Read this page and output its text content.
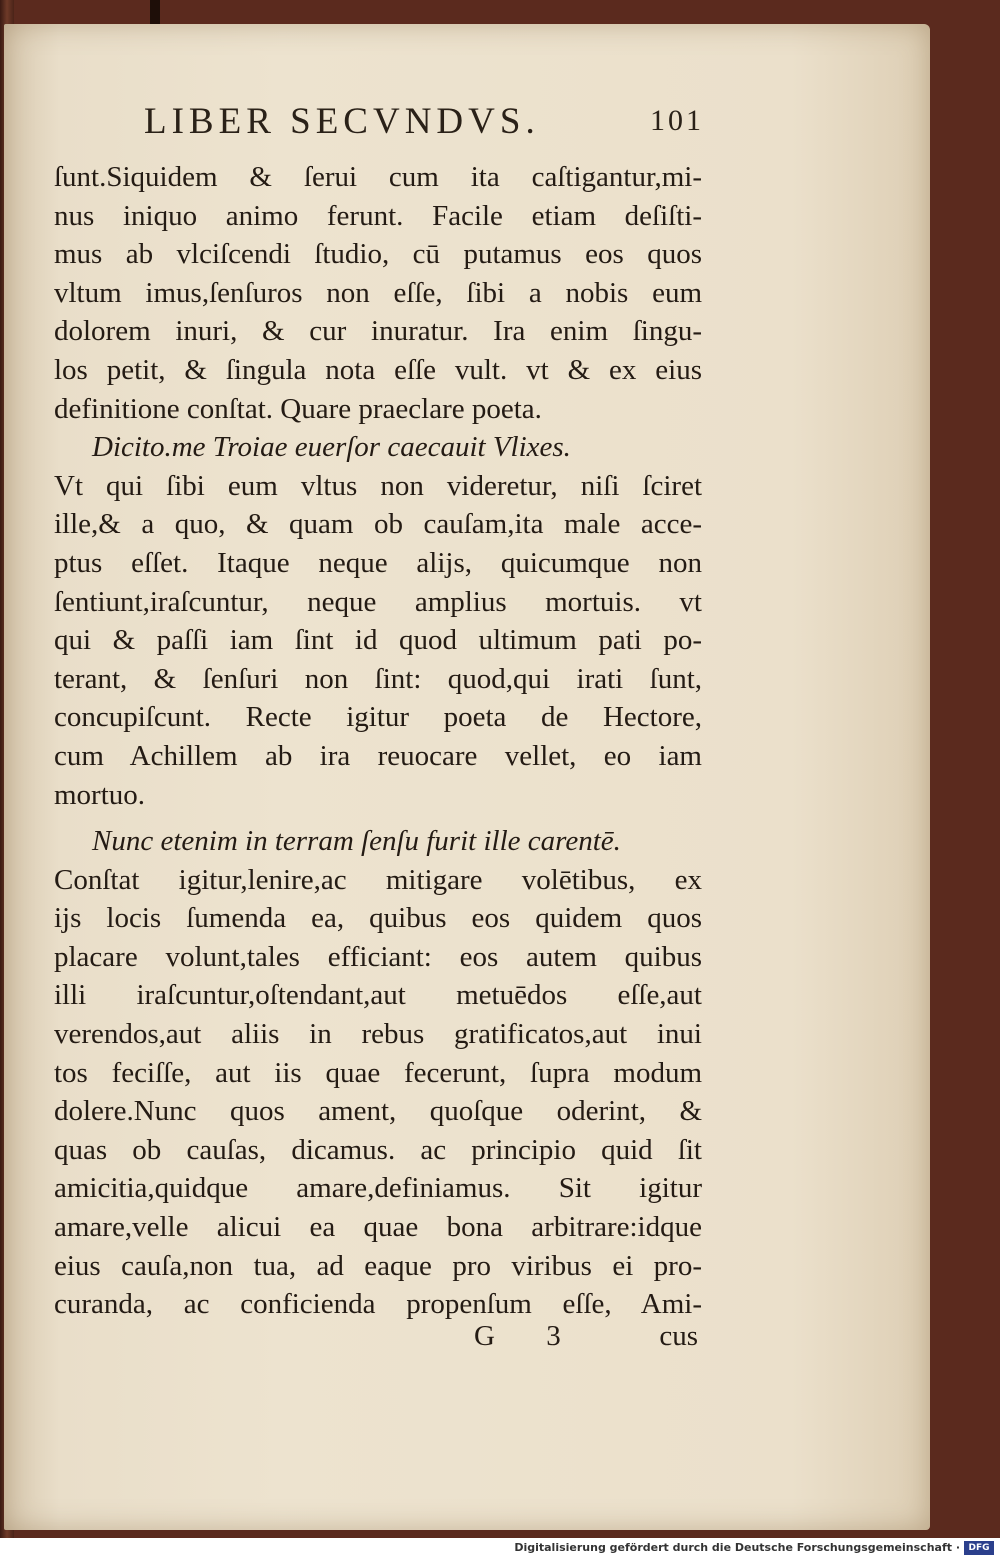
LIBER SECVNDVS.	101
ſunt.Siquidem & ſerui cum ita caſtigantur,mi-
nus iniquo animo ferunt. Facile etiam deſiſti-
mus ab vlciſcendi ſtudio, cū putamus eos quos
vltum imus,ſenſuros non eſſe, ſibi a nobis eum
dolorem inuri, & cur inuratur. Ira enim ſingu-
los petit, & ſingula nota eſſe vult. vt & ex eius
definitione conſtat. Quare praeclare poeta.
Dicito.me Troiae euerſor caecauit Vlixes.
Vt qui ſibi eum vltus non videretur, niſi ſciret
ille,& a quo, & quam ob cauſam,ita male acce-
ptus eſſet. Itaque neque alijs, quicumque non
ſentiunt,iraſcuntur, neque amplius mortuis. vt
qui & paſſi iam ſint id quod ultimum pati po-
terant, & ſenſuri non ſint: quod,qui irati ſunt,
concupiſcunt. Recte igitur poeta de Hectore,
cum Achillem ab ira reuocare vellet, eo iam
mortuo.
Nunc etenim in terram ſenſu furit ille carentē.
Conſtat igitur,lenire,ac mitigare volētibus, ex
ijs locis ſumenda ea, quibus eos quidem quos
placare volunt,tales efficiant: eos autem quibus
illi iraſcuntur,oſtendant,aut metuēdos eſſe,aut
verendos,aut aliis in rebus gratificatos,aut inui
tos feciſſe, aut iis quae fecerunt, ſupra modum
dolere.Nunc quos ament, quoſque oderint, &
quas ob cauſas, dicamus. ac principio quid ſit
amicitia,quidque amare,definiamus. Sit igitur
amare,velle alicui ea quae bona arbitrare:idque
eius cauſa,non tua, ad eaque pro viribus ei pro-
curanda, ac conficienda propenſum eſſe, Ami-
G 3	cus
Digitalisierung gefördert durch die Deutsche Forschungsgemeinschaft · DFG
